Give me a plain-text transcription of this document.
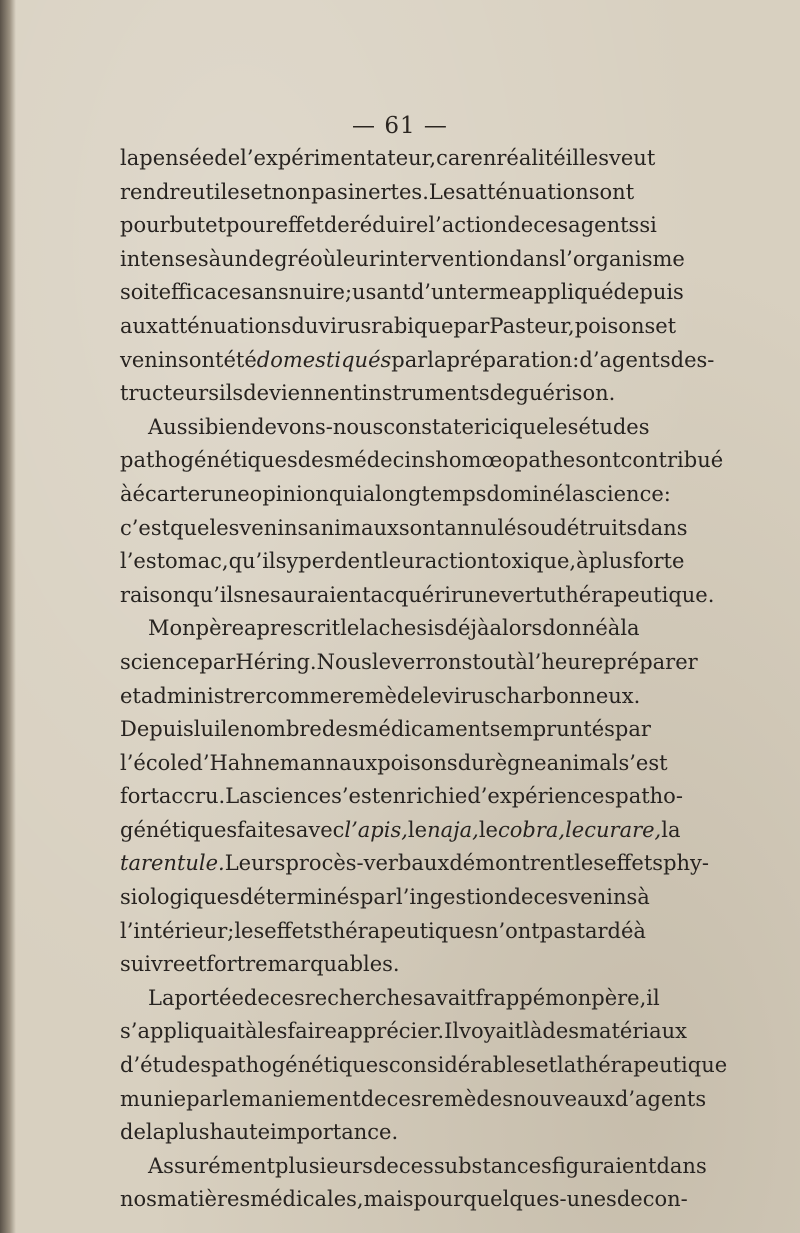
— 61 —
la pensée de l’expérimentateur, car en réalité il les veut
rendre utiles et non pas inertes. Les atténuations ont
pour but et pour effet de réduire l’action de ces agents si
intenses à un degré où leur intervention dans l’organisme
soit efficace sans nuire ; usant d’un terme appliqué depuis
aux atténuations du virus rabique par Pasteur, poisons et
venins ont été domestiqués par la préparation: d’agents des-
tructeurs ils deviennent instruments de guérison.
Aussi bien devons-nous constater ici que les études
pathogénétiques des médecins homœopathes ont contribué
à écarter une opinion qui a longtemps dominé la science :
c’est que les venins animaux sont annulés ou détruits dans
l’estomac, qu’ils y perdent leur action toxique, à plus forte
raison qu’ils ne sauraient acquérir une vertu thérapeutique.
Mon père a prescrit le lachesis déjà alors donné à la
science par Héring. Nous le verrons tout à l’heure préparer
et administrer comme remède le virus charbonneux.
Depuis lui le nombre des médicaments empruntés par
l’école d’Hahnemann aux poisons du règne animal s’est
fort accru. La science s’est enrichie d’expériences patho-
génétiques faites avec l’apis, le naja, le cobra, le curare, la
tarentule. Leurs procès-verbaux démontrent les effets phy-
siologiques déterminés par l’ingestion de ces venins à
l’intérieur; les effets thérapeutiques n’ont pas tardé à
suivre et fort remarquables.
La portée de ces recherches avait frappé mon père, il
s’appliquait à les faire apprécier. Il voyait là des matériaux
d’études pathogénétiques considérables et la thérapeutique
munie par le maniement de ces remèdes nouveaux d’agents
de la plus haute importance.
Assurément plusieurs de ces substances figuraient dans
nos matières médicales, mais pour quelques-unes de con-
